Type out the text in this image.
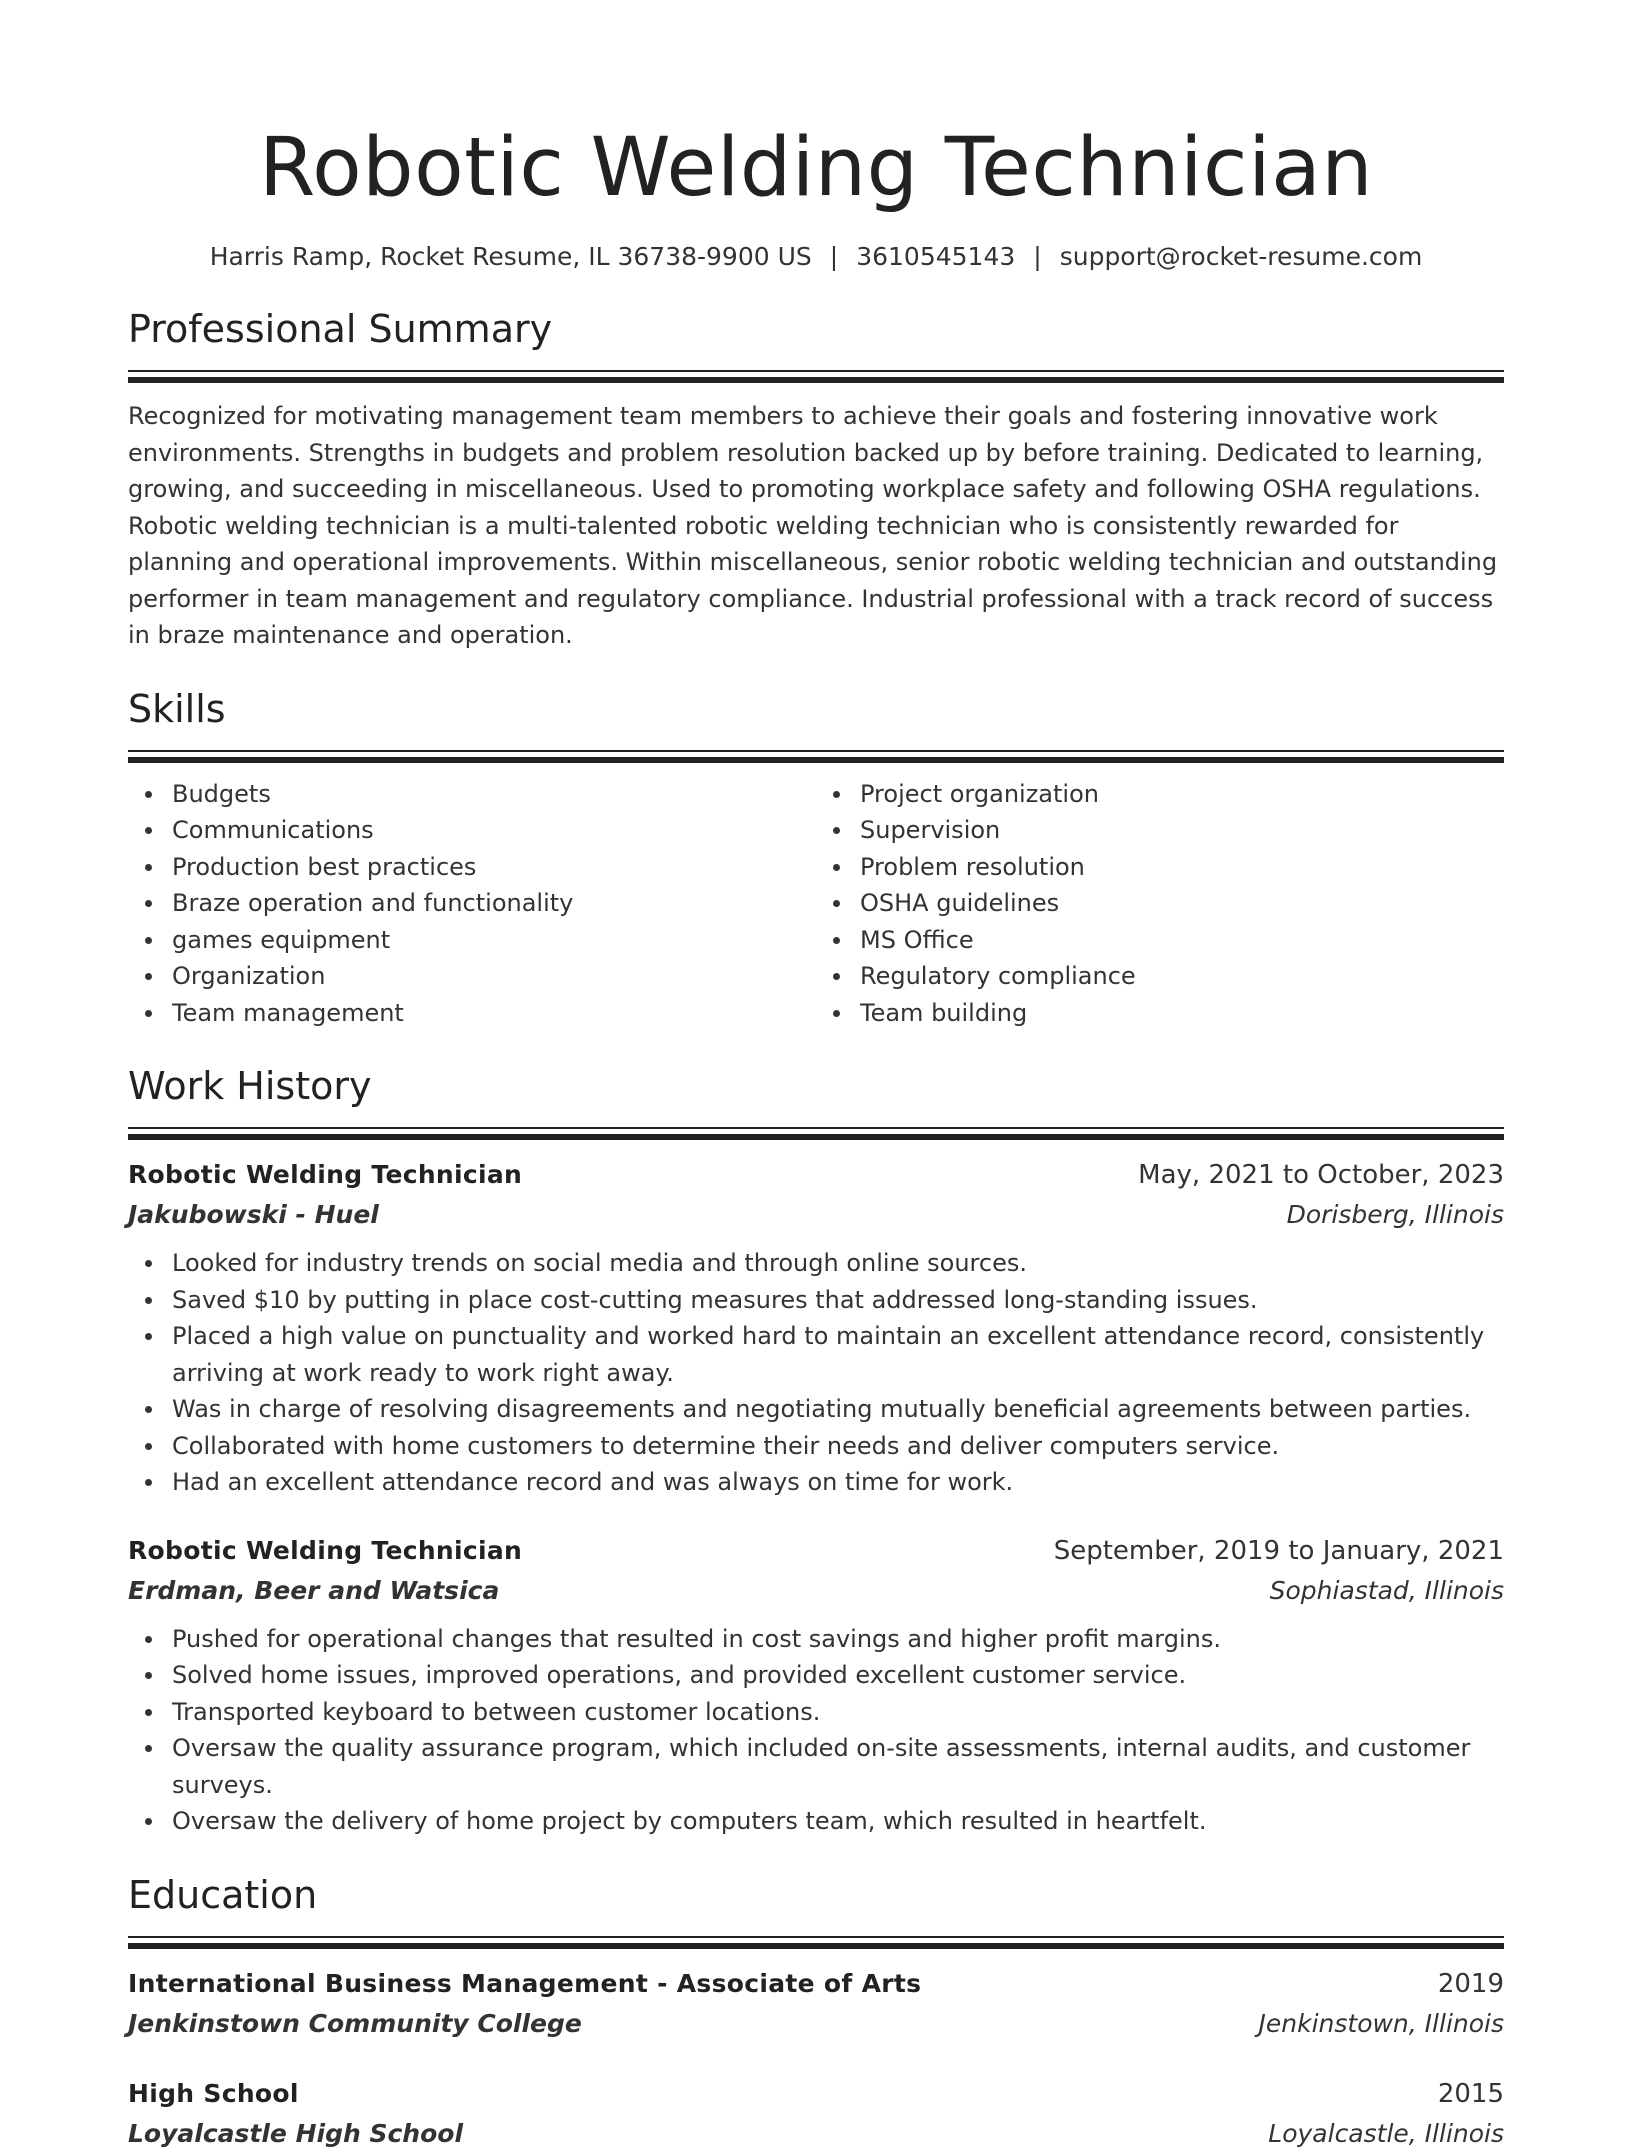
Robotic Welding Technician
Harris Ramp, Rocket Resume, IL 36738-9900 US | 3610545143 | support@rocket-resume.com
Professional Summary
Recognized for motivating management team members to achieve their goals and fostering innovative work environments. Strengths in budgets and problem resolution backed up by before training. Dedicated to learning, growing, and succeeding in miscellaneous. Used to promoting workplace safety and following OSHA regulations. Robotic welding technician is a multi-talented robotic welding technician who is consistently rewarded for planning and operational improvements. Within miscellaneous, senior robotic welding technician and outstanding performer in team management and regulatory compliance. Industrial professional with a track record of success in braze maintenance and operation.
Skills
Budgets
Communications
Production best practices
Braze operation and functionality
games equipment
Organization
Team management
Project organization
Supervision
Problem resolution
OSHA guidelines
MS Office
Regulatory compliance
Team building
Work History
Robotic Welding Technician	May, 2021 to October, 2023
Jakubowski - Huel	Dorisberg, Illinois
Looked for industry trends on social media and through online sources.
Saved $10 by putting in place cost-cutting measures that addressed long-standing issues.
Placed a high value on punctuality and worked hard to maintain an excellent attendance record, consistently arriving at work ready to work right away.
Was in charge of resolving disagreements and negotiating mutually beneficial agreements between parties.
Collaborated with home customers to determine their needs and deliver computers service.
Had an excellent attendance record and was always on time for work.
Robotic Welding Technician	September, 2019 to January, 2021
Erdman, Beer and Watsica	Sophiastad, Illinois
Pushed for operational changes that resulted in cost savings and higher profit margins.
Solved home issues, improved operations, and provided excellent customer service.
Transported keyboard to between customer locations.
Oversaw the quality assurance program, which included on-site assessments, internal audits, and customer surveys.
Oversaw the delivery of home project by computers team, which resulted in heartfelt.
Education
International Business Management - Associate of Arts	2019
Jenkinstown Community College	Jenkinstown, Illinois
High School	2015
Loyalcastle High School	Loyalcastle, Illinois
